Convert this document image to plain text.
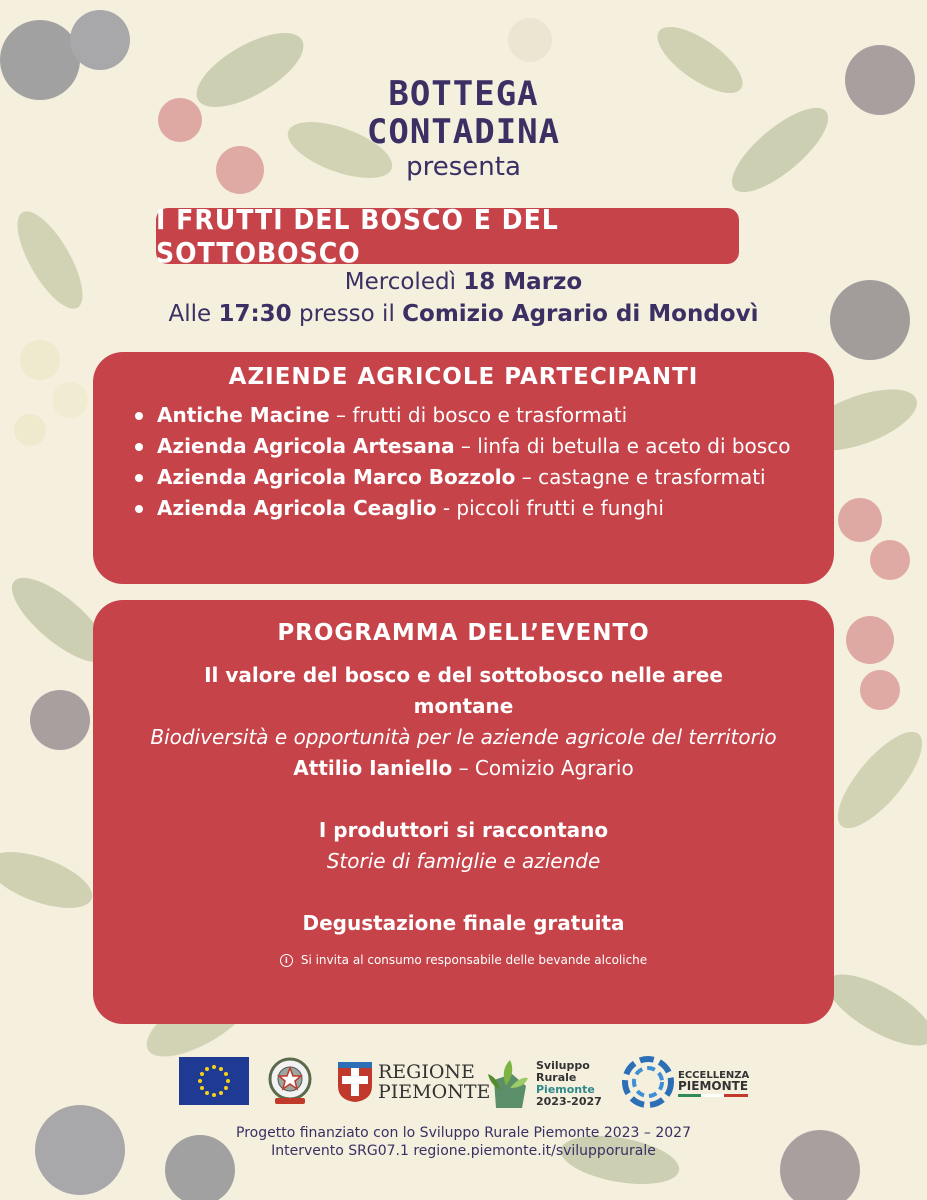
BOTTEGA
CONTADINA
presenta
I FRUTTI DEL BOSCO E DEL SOTTOBOSCO
Mercoledì 18 Marzo
Alle 17:30 presso il Comizio Agrario di Mondovì
AZIENDE AGRICOLE PARTECIPANTI
Antiche Macine – frutti di bosco e trasformati
Azienda Agricola Artesana – linfa di betulla e aceto di bosco
Azienda Agricola Marco Bozzolo – castagne e trasformati
Azienda Agricola Ceaglio - piccoli frutti e funghi
PROGRAMMA DELL’EVENTO
Il valore del bosco e del sottobosco nelle aree montane
Biodiversità e opportunità per le aziende agricole del territorio
Attilio Ianiello – Comizio Agrario
I produttori si raccontano
Storie di famiglie e aziende
Degustazione finale gratuita
i	Si invita al consumo responsabile delle bevande alcoliche
REGIONE
PIEMONTE
Sviluppo
Rurale
Piemonte
2023-2027
ECCELLENZA
PIEMONTE
Progetto finanziato con lo Sviluppo Rurale Piemonte 2023 – 2027
Intervento SRG07.1 regione.piemonte.it/svilupporurale
